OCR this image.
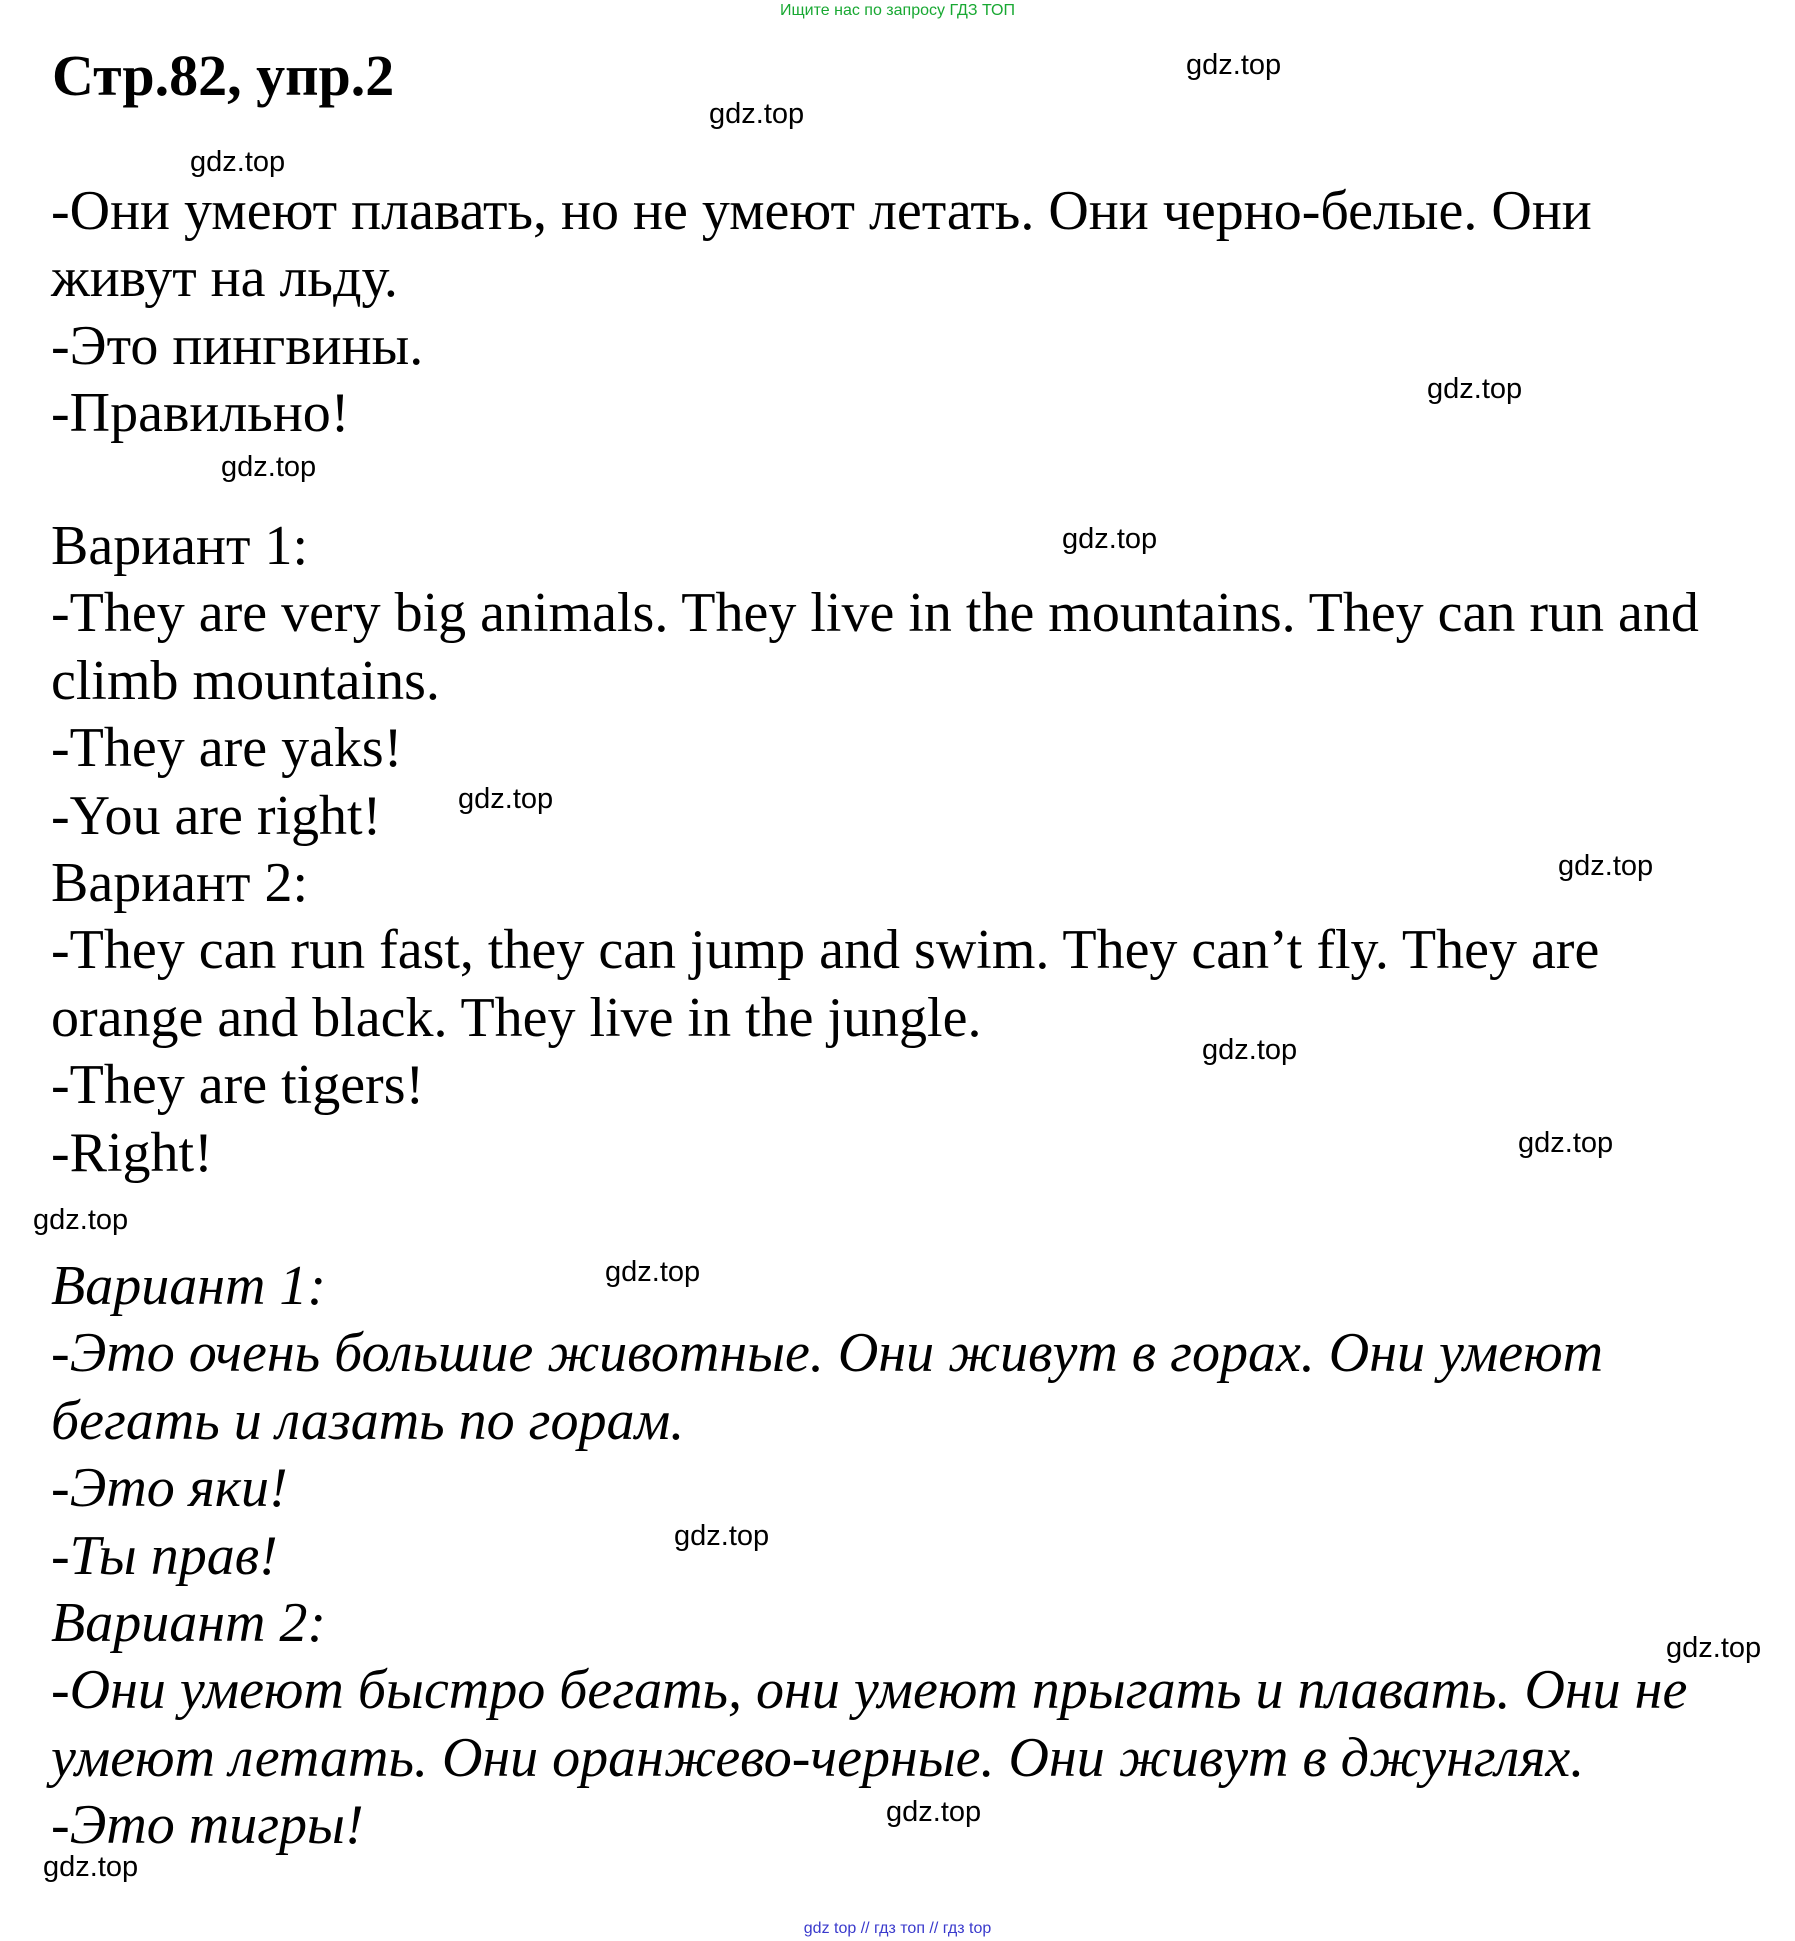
Ищите нас по запросу ГДЗ ТОП
Стр.82, упр.2
-Они умеют плавать, но не умеют летать. Они черно-белые. Они
живут на льду.
-Это пингвины.
-Правильно!
Вариант 1:
-They are very big animals. They live in the mountains. They can run and
climb mountains.
-They are yaks!
-You are right!
Вариант 2:
-They can run fast, they can jump and swim. They can’t fly. They are
orange and black. They live in the jungle.
-They are tigers!
-Right!
Вариант 1:
-Это очень большие животные. Они живут в горах. Они умеют
бегать и лазать по горам.
-Это яки!
-Ты прав!
Вариант 2:
-Они умеют быстро бегать, они умеют прыгать и плавать. Они не
умеют летать. Они оранжево-черные. Они живут в джунглях.
-Это тигры!
gdz.top
gdz.top
gdz.top
gdz.top
gdz.top
gdz.top
gdz.top
gdz.top
gdz.top
gdz.top
gdz.top
gdz.top
gdz.top
gdz.top
gdz.top
gdz.top
gdz top // гдз топ // гдз top
